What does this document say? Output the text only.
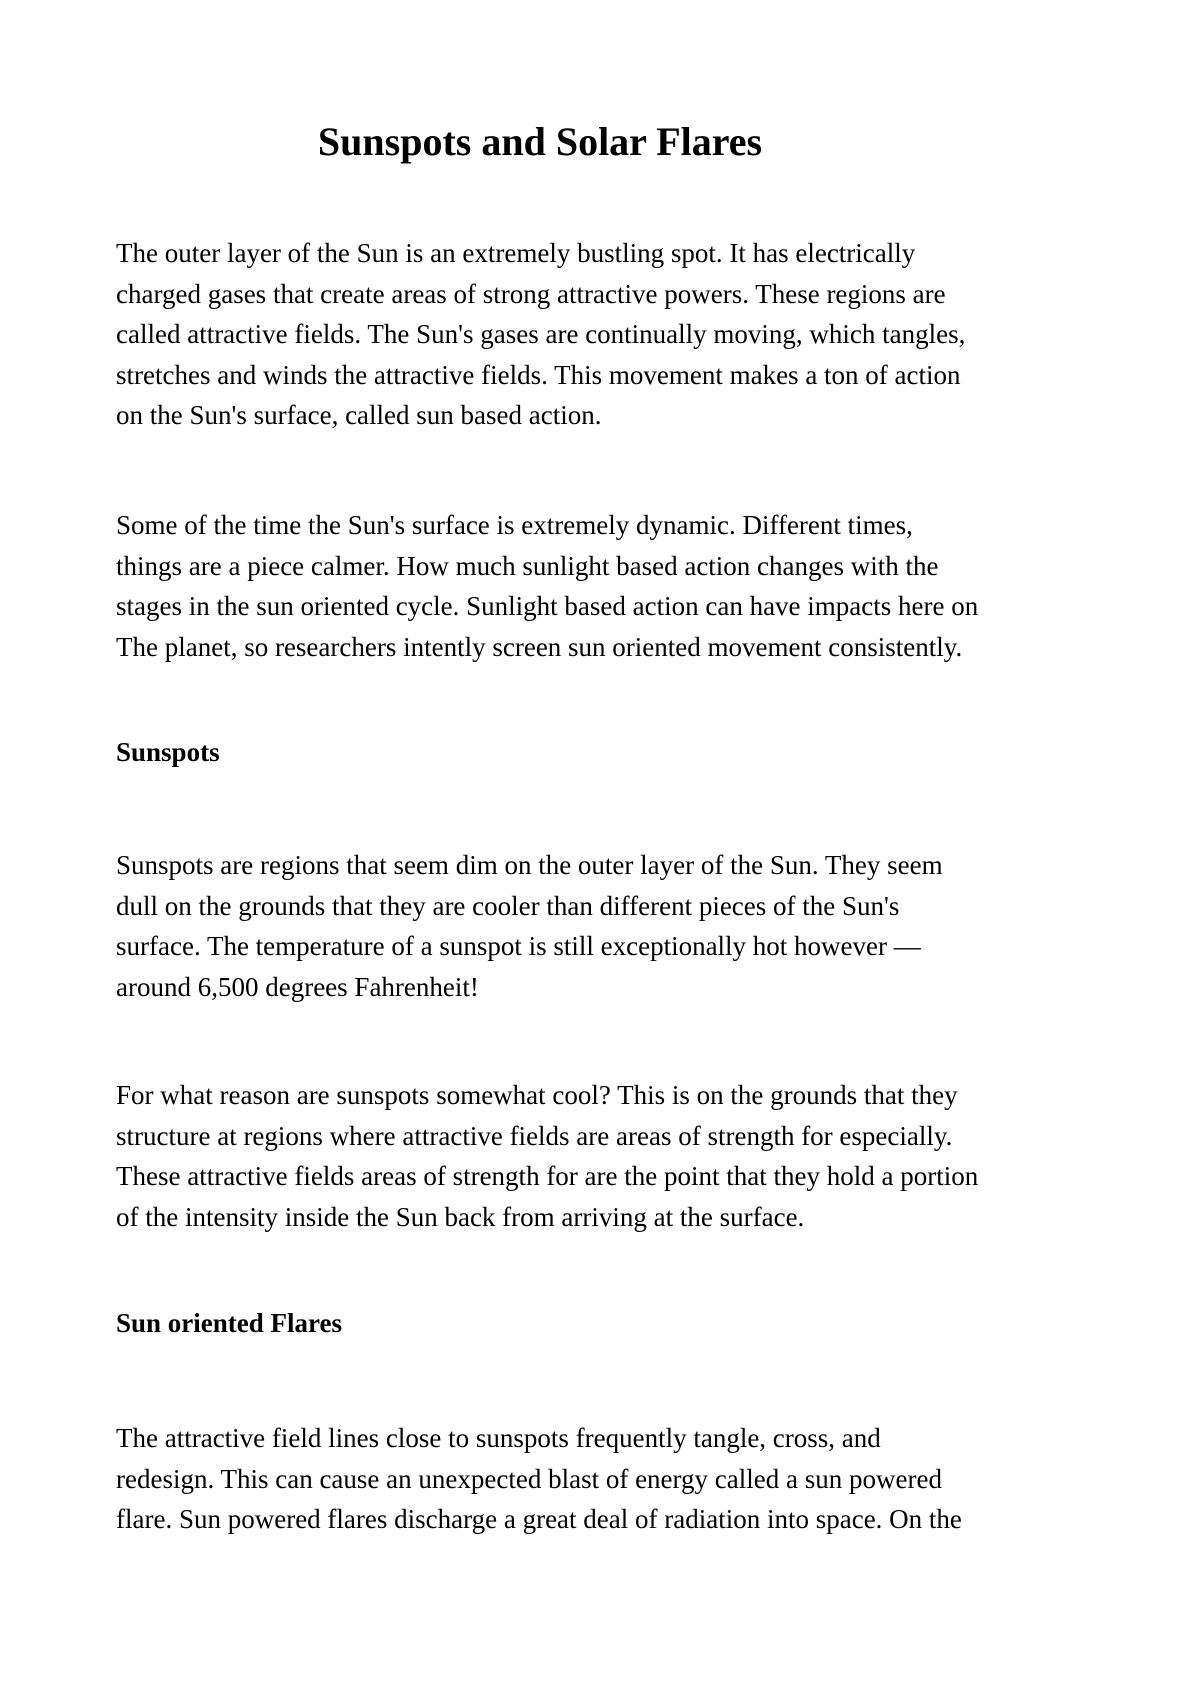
Sunspots and Solar Flares

The outer layer of the Sun is an extremely bustling spot. It has electrically
charged gases that create areas of strong attractive powers. These regions are
called attractive fields. The Sun's gases are continually moving, which tangles,
stretches and winds the attractive fields. This movement makes a ton of action
on the Sun's surface, called sun based action.

Some of the time the Sun's surface is extremely dynamic. Different times,
things are a piece calmer. How much sunlight based action changes with the
stages in the sun oriented cycle. Sunlight based action can have impacts here on
The planet, so researchers intently screen sun oriented movement consistently.

Sunspots

Sunspots are regions that seem dim on the outer layer of the Sun. They seem
dull on the grounds that they are cooler than different pieces of the Sun's
surface. The temperature of a sunspot is still exceptionally hot however —
around 6,500 degrees Fahrenheit!

For what reason are sunspots somewhat cool? This is on the grounds that they
structure at regions where attractive fields are areas of strength for especially.
These attractive fields areas of strength for are the point that they hold a portion
of the intensity inside the Sun back from arriving at the surface.

Sun oriented Flares

The attractive field lines close to sunspots frequently tangle, cross, and
redesign. This can cause an unexpected blast of energy called a sun powered
flare. Sun powered flares discharge a great deal of radiation into space. On the
